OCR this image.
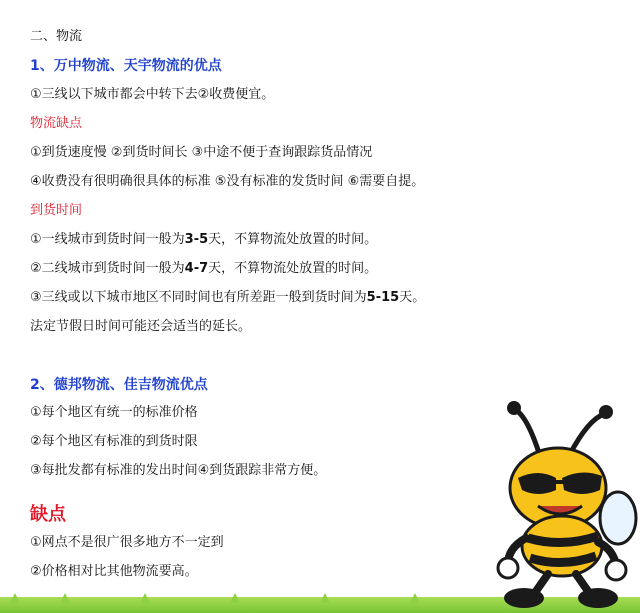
二、物流
1、万中物流、天宇物流的优点
①三线以下城市都会中转下去②收费便宜。
物流缺点
①到货速度慢 ②到货时间长 ③中途不便于查询跟踪货品情况
④收费没有很明确很具体的标准 ⑤没有标准的发货时间 ⑥需要自提。
到货时间
①一线城市到货时间一般为3-5天，不算物流处放置的时间。
②二线城市到货时间一般为4-7天，不算物流处放置的时间。
③三线或以下城市地区不同时间也有所差距一般到货时间为5-15天。
法定节假日时间可能还会适当的延长。
2、德邦物流、佳吉物流优点
①每个地区有统一的标准价格
②每个地区有标准的到货时限
③每批发都有标准的发出时间④到货跟踪非常方便。
缺点
①网点不是很广很多地方不一定到
②价格相对比其他物流要高。
